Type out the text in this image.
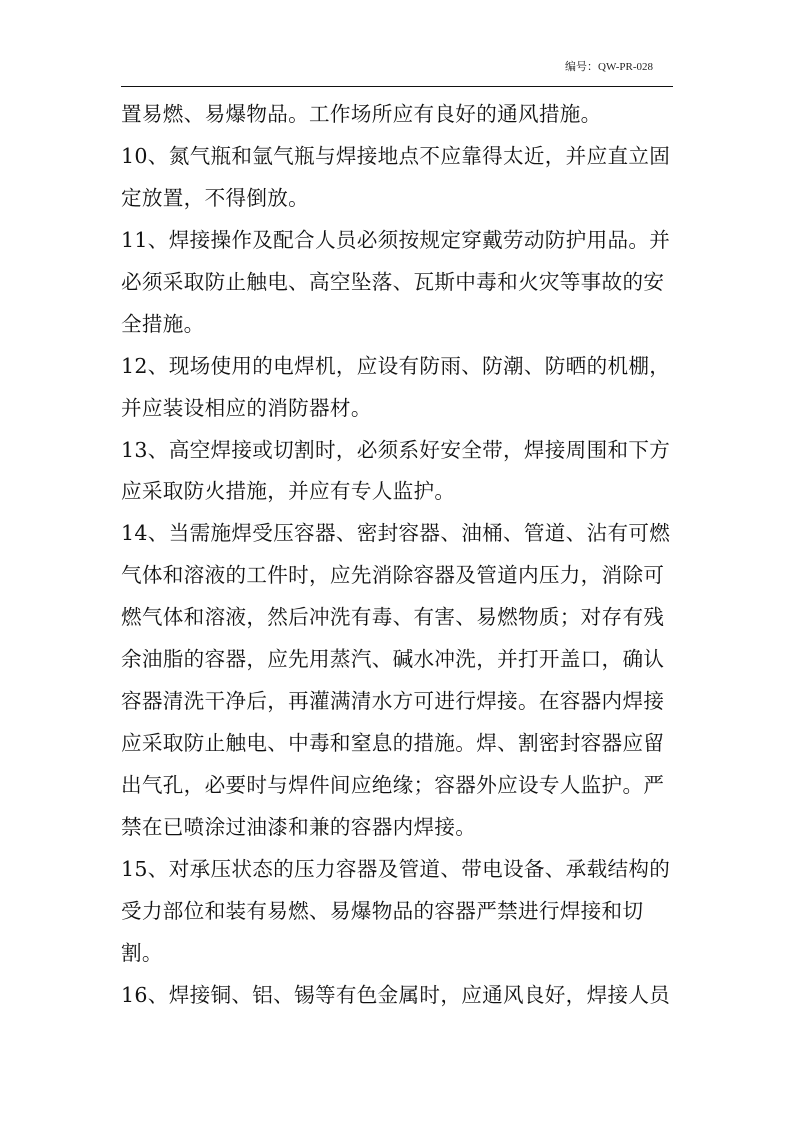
编号：QW-PR-028
置易燃、易爆物品。工作场所应有良好的通风措施。
10、氮气瓶和氩气瓶与焊接地点不应靠得太近，并应直立固
定放置，不得倒放。
11、焊接操作及配合人员必须按规定穿戴劳动防护用品。并
必须采取防止触电、高空坠落、瓦斯中毒和火灾等事故的安
全措施。
12、现场使用的电焊机，应设有防雨、防潮、防晒的机棚，
并应装设相应的消防器材。
13、高空焊接或切割时，必须系好安全带，焊接周围和下方
应采取防火措施，并应有专人监护。
14、当需施焊受压容器、密封容器、油桶、管道、沾有可燃
气体和溶液的工件时，应先消除容器及管道内压力，消除可
燃气体和溶液，然后冲洗有毒、有害、易燃物质；对存有残
余油脂的容器，应先用蒸汽、碱水冲洗，并打开盖口，确认
容器清洗干净后，再灌满清水方可进行焊接。在容器内焊接
应采取防止触电、中毒和窒息的措施。焊、割密封容器应留
出气孔，必要时与焊件间应绝缘；容器外应设专人监护。严
禁在已喷涂过油漆和兼的容器内焊接。
15、对承压状态的压力容器及管道、带电设备、承载结构的
受力部位和装有易燃、易爆物品的容器严禁进行焊接和切
割。
16、焊接铜、铝、锡等有色金属时，应通风良好，焊接人员
